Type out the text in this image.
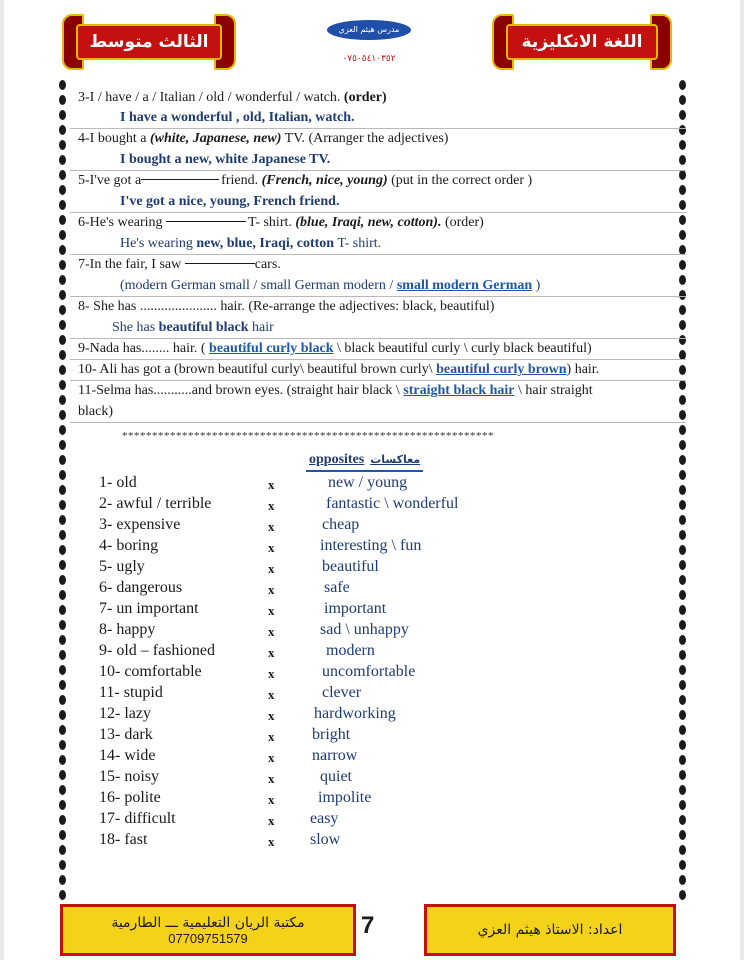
الثالث متوسط
مدرس هيثم العزي
٠٧٥٠٥٤١٠٣٥٢
اللغة الانكليزية
3-I / have / a / Italian / old / wonderful / watch. (order)
I have a wonderful , old, Italian, watch.
4-I bought a (white, Japanese, new) TV. (Arranger the adjectives)
I bought a new, white Japanese TV.
5-I've got a	friend. (French, nice, young) (put in the correct order )
I've got a nice, young, French friend.
6-He's wearing	T- shirt. (blue, Iraqi, new, cotton). (order)
He's wearing new, blue, Iraqi, cotton T- shirt.
7-In the fair, I saw	cars.
(modern German small / small German modern / small modern German )
8- She has ...................... hair. (Re-arrange the adjectives: black, beautiful)
She has beautiful black hair
9-Nada has........ hair. ( beautiful curly black \ black beautiful curly \ curly black beautiful)
10- Ali has got a (brown beautiful curly\ beautiful brown curly\ beautiful curly brown) hair.
11-Selma has...........and brown eyes. (straight hair black \ straight black hair \ hair straight
black)
**************************************************************
opposites معاكسات
1- old	x	new / young
2- awful / terrible	x	fantastic \ wonderful
3- expensive	x	cheap
4- boring	x	interesting \ fun
5- ugly	x	beautiful
6- dangerous	x	safe
7- un important	x	important
8- happy	x	sad \ unhappy
9- old – fashioned	x	modern
10- comfortable	x	uncomfortable
11- stupid	x	clever
12- lazy	x hardworking
13- dark	x bright
14- wide	x narrow
15- noisy	x	quiet
16- polite	x	impolite
17- difficult	x easy
18- fast	x slow
مكتبة الريان التعليمية ـــ الطارمية
07709751579	7	اعداد: الاستاذ هيثم العزي
